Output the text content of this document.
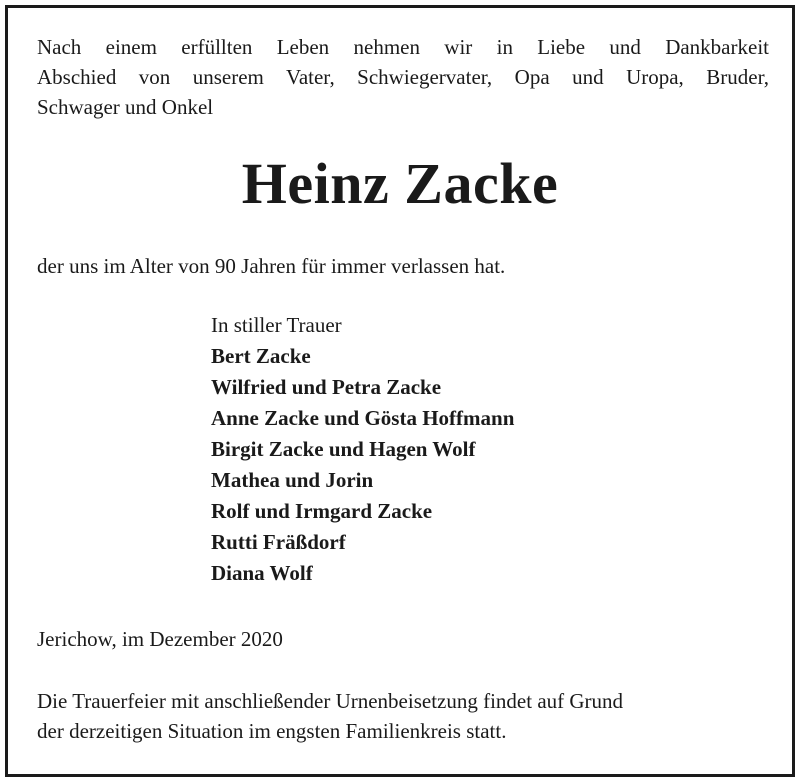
Nach einem erfüllten Leben nehmen wir in Liebe und Dankbarkeit
Abschied von unserem Vater, Schwiegervater, Opa und Uropa, Bruder,
Schwager und Onkel
Heinz Zacke
der uns im Alter von 90 Jahren für immer verlassen hat.
In stiller Trauer
Bert Zacke
Wilfried und Petra Zacke
Anne Zacke und Gösta Hoffmann
Birgit Zacke und Hagen Wolf
Mathea und Jorin
Rolf und Irmgard Zacke
Rutti Fräßdorf
Diana Wolf
Jerichow, im Dezember 2020
Die Trauerfeier mit anschließender Urnenbeisetzung findet auf Grund
der derzeitigen Situation im engsten Familienkreis statt.
